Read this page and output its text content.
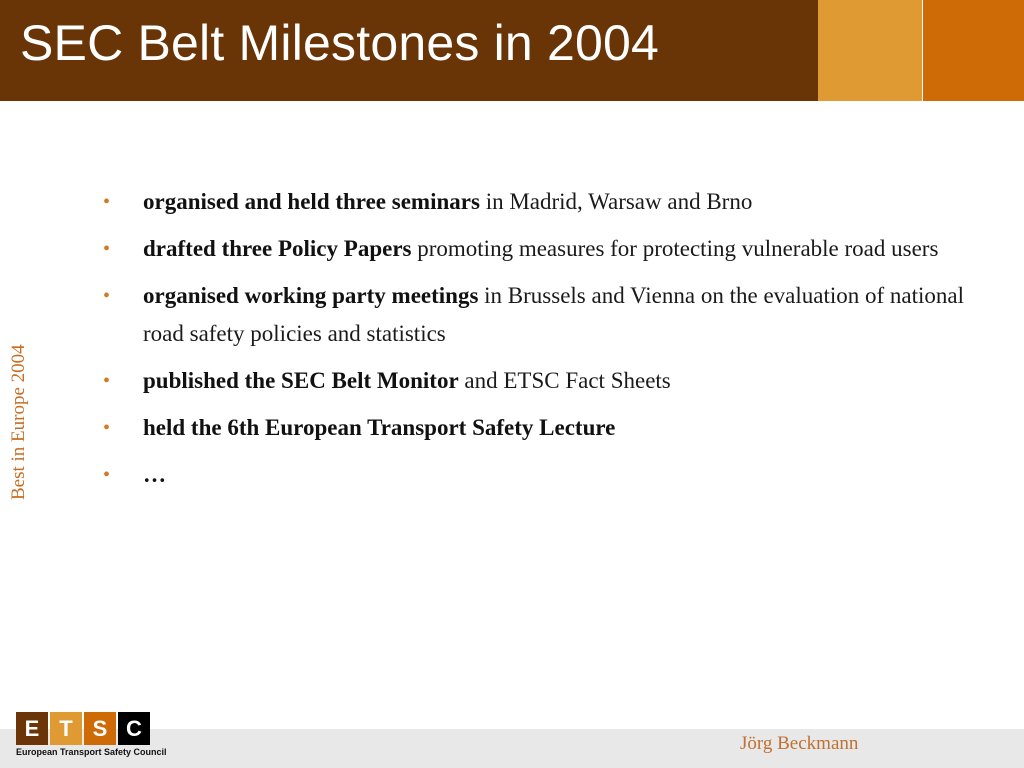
SEC Belt Milestones in 2004
Best in Europe 2004
• organised and held three seminars in Madrid, Warsaw and Brno
• drafted three Policy Papers promoting measures for protecting vulnerable road users
• organised working party meetings in Brussels and Vienna on the evaluation of national road safety policies and statistics
• published the SEC Belt Monitor and ETSC Fact Sheets
• held the 6th European Transport Safety Lecture
• …
E T S C
European Transport Safety Council	Jörg Beckmann
